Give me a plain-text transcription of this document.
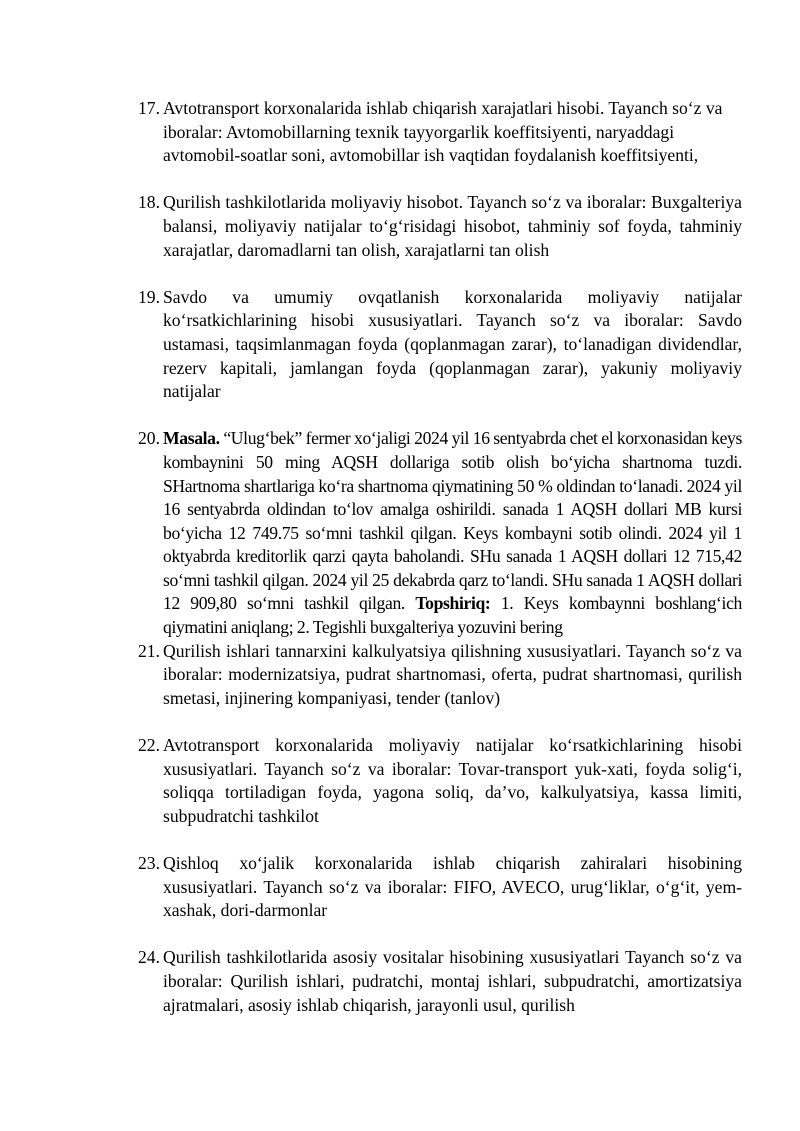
17. Avtotransport korxonalarida ishlab chiqarish xarajatlari hisobi. Tayanch so‘z va iboralar: Avtomobillarning texnik tayyorgarlik koeffitsiyenti, naryaddagi avtomobil-soatlar soni, avtomobillar ish vaqtidan foydalanish koeffitsiyenti,
18. Qurilish tashkilotlarida moliyaviy hisobot. Tayanch so‘z va iboralar: Buxgalteriya balansi, moliyaviy natijalar to‘g‘risidagi hisobot, tahminiy sof foyda, tahminiy xarajatlar, daromadlarni tan olish, xarajatlarni tan olish
19. Savdo va umumiy ovqatlanish korxonalarida moliyaviy natijalar ko‘rsatkichlarining hisobi xususiyatlari. Tayanch so‘z va iboralar: Savdo ustamasi, taqsimlanmagan foyda (qoplanmagan zarar), to‘lanadigan dividendlar, rezerv kapitali, jamlangan foyda (qoplanmagan zarar), yakuniy moliyaviy natijalar
20. Masala. “Ulug‘bek” fermer xo‘jaligi 2024 yil 16 sentyabrda chet el korxonasidan keys kombaynini 50 ming AQSH dollariga sotib olish bo‘yicha shartnoma tuzdi. SHartnoma shartlariga ko‘ra shartnoma qiymatining 50 % oldindan to‘lanadi. 2024 yil 16 sentyabrda oldindan to‘lov amalga oshirildi. sanada 1 AQSH dollari MB kursi bo‘yicha 12 749.75 so‘mni tashkil qilgan. Keys kombayni sotib olindi. 2024 yil 1 oktyabrda kreditorlik qarzi qayta baholandi. SHu sanada 1 AQSH dollari 12 715,42 so‘mni tashkil qilgan. 2024 yil 25 dekabrda qarz to‘landi. SHu sanada 1 AQSH dollari 12 909,80 so‘mni tashkil qilgan. Topshiriq: 1. Keys kombaynni boshlang‘ich qiymatini aniqlang; 2. Tegishli buxgalteriya yozuvini bering
21. Qurilish ishlari tannarxini kalkulyatsiya qilishning xususiyatlari. Tayanch so‘z va iboralar: modernizatsiya, pudrat shartnomasi, oferta, pudrat shartnomasi, qurilish smetasi, injinering kompaniyasi, tender (tanlov)
22. Avtotransport korxonalarida moliyaviy natijalar ko‘rsatkichlarining hisobi xususiyatlari. Tayanch so‘z va iboralar: Tovar-transport yuk-xati, foyda solig‘i, soliqqa tortiladigan foyda, yagona soliq, da’vo, kalkulyatsiya, kassa limiti, subpudratchi tashkilot
23. Qishloq xo‘jalik korxonalarida ishlab chiqarish zahiralari hisobining xususiyatlari. Tayanch so‘z va iboralar: FIFO, AVECO, urug‘liklar, o‘g‘it, yem-xashak, dori-darmonlar
24. Qurilish tashkilotlarida asosiy vositalar hisobining xususiyatlari Tayanch so‘z va iboralar: Qurilish ishlari, pudratchi, montaj ishlari, subpudratchi, amortizatsiya ajratmalari, asosiy ishlab chiqarish, jarayonli usul, qurilish
